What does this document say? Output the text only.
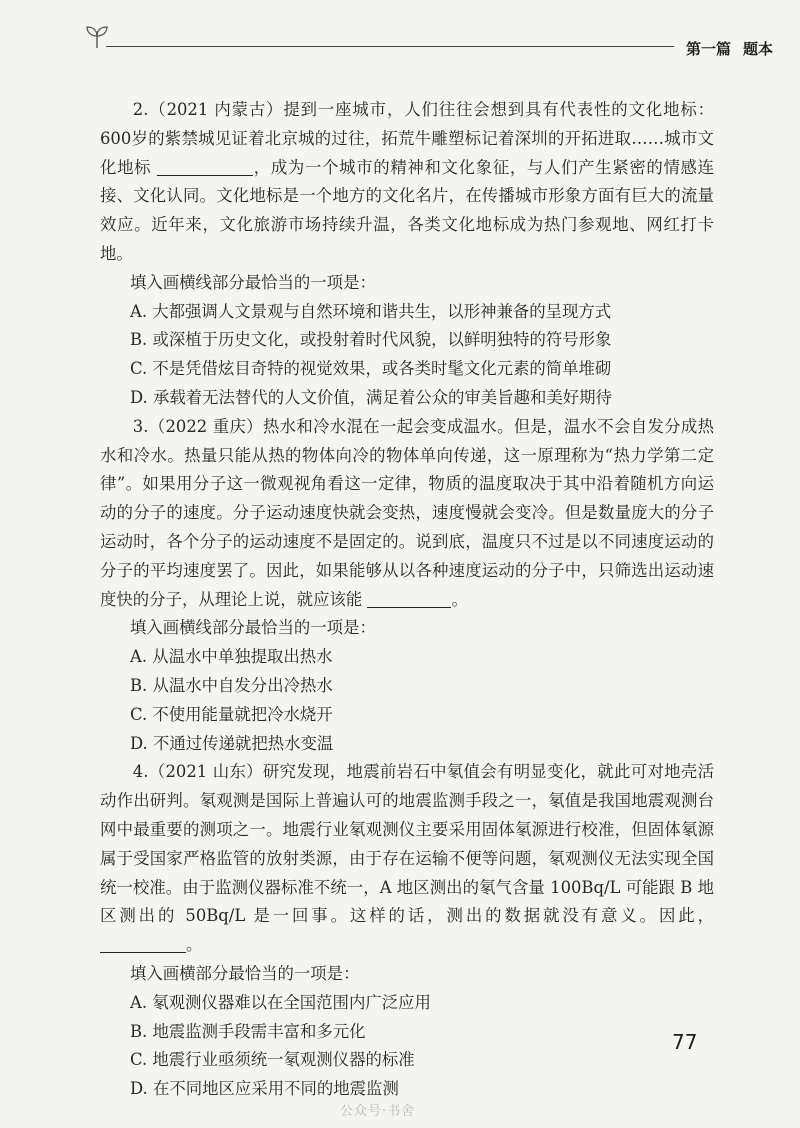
第一篇 题本

2.（2021 内蒙古）提到一座城市，人们往往会想到具有代表性的文化地标：600岁的紫禁城见证着北京城的过往，拓荒牛雕塑标记着深圳的开拓进取……城市文化地标	，成为一个城市的精神和文化象征，与人们产生紧密的情感连接、文化认同。文化地标是一个地方的文化名片，在传播城市形象方面有巨大的流量效应。近年来，文化旅游市场持续升温，各类文化地标成为热门参观地、网红打卡地。

填入画横线部分最恰当的一项是：

A. 大都强调人文景观与自然环境和谐共生，以形神兼备的呈现方式

B. 或深植于历史文化，或投射着时代风貌，以鲜明独特的符号形象

C. 不是凭借炫目奇特的视觉效果，或各类时髦文化元素的简单堆砌

D. 承载着无法替代的人文价值，满足着公众的审美旨趣和美好期待

3.（2022 重庆）热水和冷水混在一起会变成温水。但是，温水不会自发分成热水和冷水。热量只能从热的物体向冷的物体单向传递，这一原理称为“热力学第二定律”。如果用分子这一微观视角看这一定律，物质的温度取决于其中沿着随机方向运动的分子的速度。分子运动速度快就会变热，速度慢就会变冷。但是数量庞大的分子运动时，各个分子的运动速度不是固定的。说到底，温度只不过是以不同速度运动的分子的平均速度罢了。因此，如果能够从以各种速度运动的分子中，只筛选出运动速度快的分子，从理论上说，就应该能	。

填入画横线部分最恰当的一项是：

A. 从温水中单独提取出热水

B. 从温水中自发分出冷热水

C. 不使用能量就把冷水烧开

D. 不通过传递就把热水变温

4.（2021 山东）研究发现，地震前岩石中氡值会有明显变化，就此可对地壳活动作出研判。氡观测是国际上普遍认可的地震监测手段之一，氡值是我国地震观测台网中最重要的测项之一。地震行业氡观测仪主要采用固体氡源进行校准，但固体氡源属于受国家严格监管的放射类源，由于存在运输不便等问题，氡观测仪无法实现全国统一校准。由于监测仪器标准不统一，A 地区测出的氡气含量 100Bq/L 可能跟 B 地区测出的 50Bq/L 是一回事。这样的话，测出的数据就没有意义。因此，。

填入画横部分最恰当的一项是：

A. 氡观测仪器难以在全国范围内广泛应用

B. 地震监测手段需丰富和多元化

C. 地震行业亟须统一氡观测仪器的标准

D. 在不同地区应采用不同的地震监测

77
公众号·书舍
